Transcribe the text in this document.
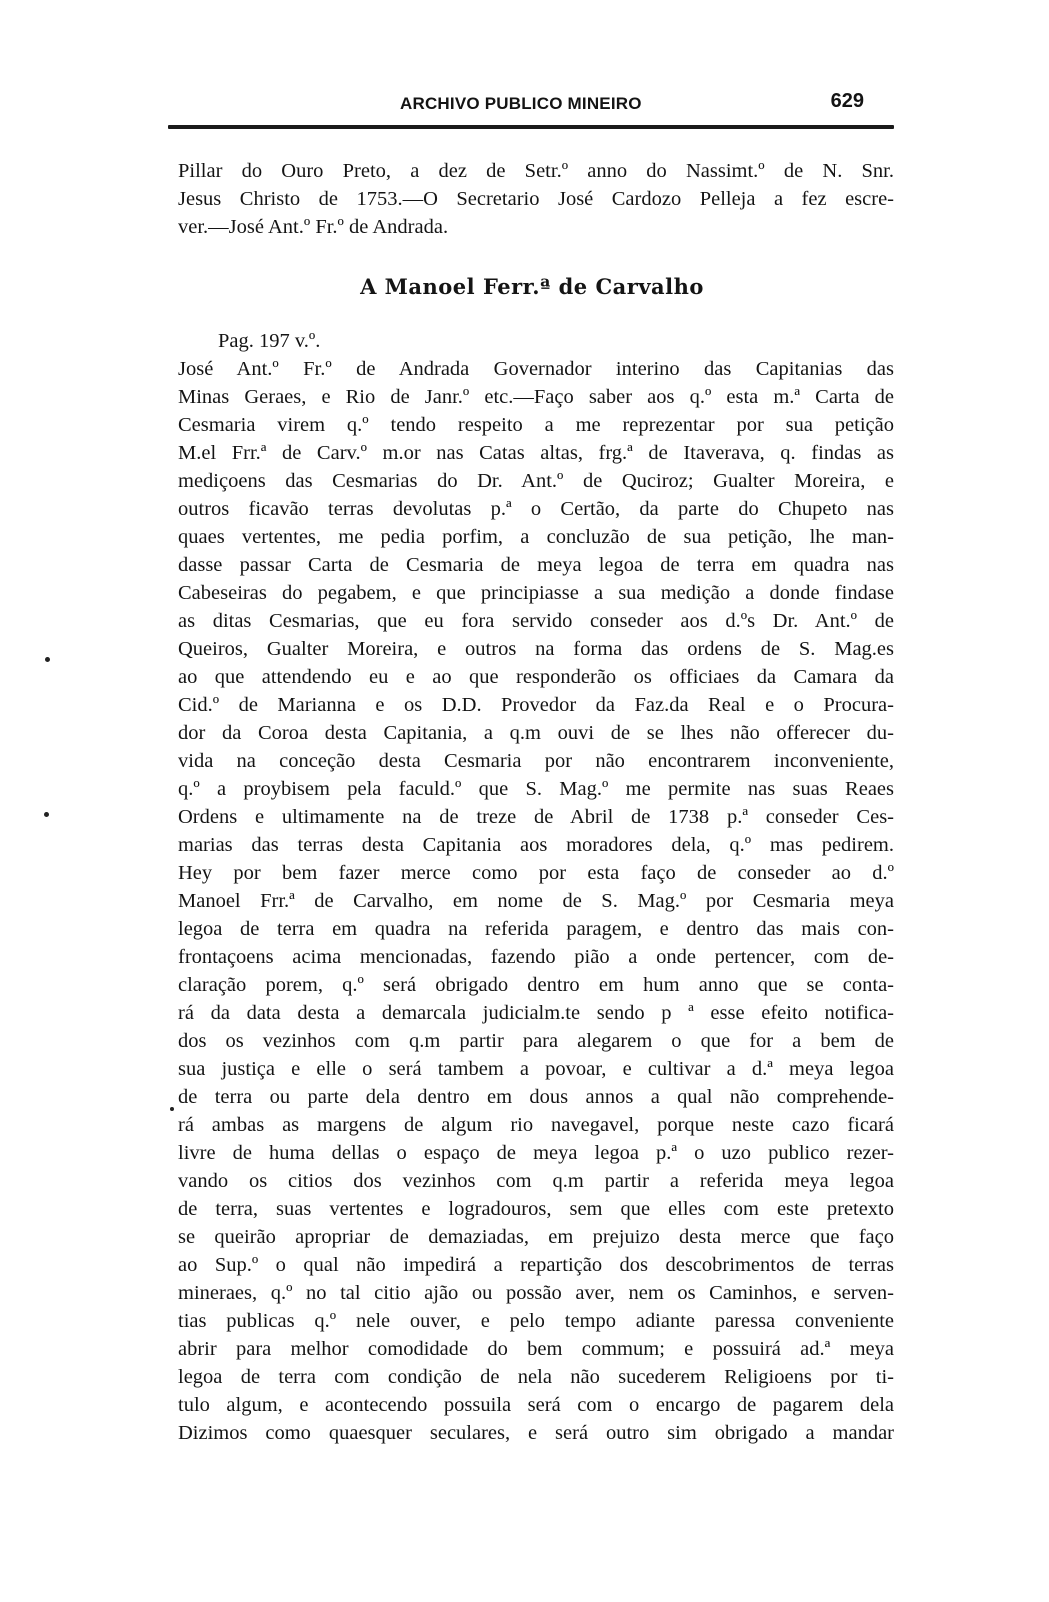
ARCHIVO PUBLICO MINEIRO	629
Pillar do Ouro Preto, a dez de Setr.º anno do Nassimt.º de N. Snr.
Jesus Christo de 1753.—O Secretario José Cardozo Pelleja a fez escre-
ver.—José Ant.º Fr.º de Andrada.
A Manoel Ferr.ª de Carvalho
Pag. 197 v.º.
José Ant.º Fr.º de Andrada Governador interino das Capitanias das
Minas Geraes, e Rio de Janr.º etc.—Faço saber aos q.º esta m.ª Carta de
Cesmaria virem q.º tendo respeito a me reprezentar por sua petição
M.el Frr.ª de Carv.º m.or nas Catas altas, frg.ª de Itaverava, q. findas as
mediçoens das Cesmarias do Dr. Ant.º de Quciroz; Gualter Moreira, e
outros ficavão terras devolutas p.ª o Certão, da parte do Chupeto nas
quaes vertentes, me pedia porfim, a concluzão de sua petição, lhe man-
dasse passar Carta de Cesmaria de meya legoa de terra em quadra nas
Cabeseiras do pegabem, e que principiasse a sua medição a donde findase
as ditas Cesmarias, que eu fora servido conseder aos d.ºs Dr. Ant.º de
Queiros, Gualter Moreira, e outros na forma das ordens de S. Mag.es
ao que attendendo eu e ao que responderão os officiaes da Camara da
Cid.º de Marianna e os D.D. Provedor da Faz.da Real e o Procura-
dor da Coroa desta Capitania, a q.m ouvi de se lhes não offerecer du-
vida na conceção desta Cesmaria por não encontrarem inconveniente,
q.º a proybisem pela faculd.º que S. Mag.º me permite nas suas Reaes
Ordens e ultimamente na de treze de Abril de 1738 p.ª conseder Ces-
marias das terras desta Capitania aos moradores dela, q.º mas pedirem.
Hey por bem fazer merce como por esta faço de conseder ao d.º
Manoel Frr.ª de Carvalho, em nome de S. Mag.º por Cesmaria meya
legoa de terra em quadra na referida paragem, e dentro das mais con-
frontaçoens acima mencionadas, fazendo pião a onde pertencer, com de-
claração porem, q.º será obrigado dentro em hum anno que se conta-
rá da data desta a demarcala judicialm.te sendo p ª esse efeito notifica-
dos os vezinhos com q.m partir para alegarem o que for a bem de
sua justiça e elle o será tambem a povoar, e cultivar a d.ª meya legoa
de terra ou parte dela dentro em dous annos a qual não comprehende-
rá ambas as margens de algum rio navegavel, porque neste cazo ficará
livre de huma dellas o espaço de meya legoa p.ª o uzo publico rezer-
vando os citios dos vezinhos com q.m partir a referida meya legoa
de terra, suas vertentes e logradouros, sem que elles com este pretexto
se queirão apropriar de demaziadas, em prejuizo desta merce que faço
ao Sup.º o qual não impedirá a repartição dos descobrimentos de terras
mineraes, q.º no tal citio ajão ou possão aver, nem os Caminhos, e serven-
tias publicas q.º nele ouver, e pelo tempo adiante paressa conveniente
abrir para melhor comodidade do bem commum; e possuirá ad.ª meya
legoa de terra com condição de nela não sucederem Religioens por ti-
tulo algum, e acontecendo possuila será com o encargo de pagarem dela
Dizimos como quaesquer seculares, e será outro sim obrigado a mandar
